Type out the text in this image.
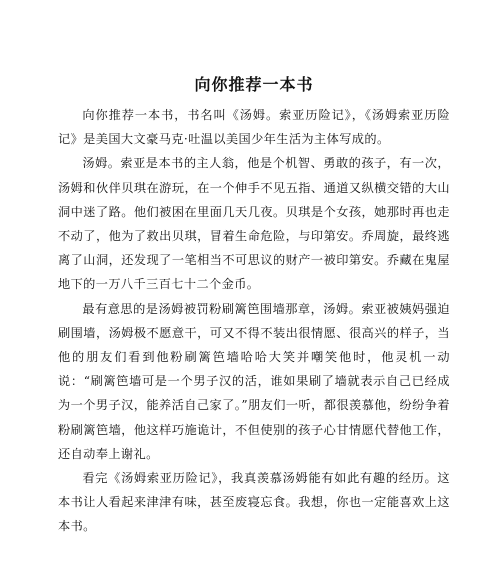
向你推荐一本书

向你推荐一本书，书名叫《汤姆。索亚历险记》，《汤姆索亚历险记》是美国大文豪马克·吐温以美国少年生活为主体写成的。

汤姆。索亚是本书的主人翁，他是个机智、勇敢的孩子，有一次，汤姆和伙伴贝琪在游玩，在一个伸手不见五指、通道又纵横交错的大山洞中迷了路。他们被困在里面几天几夜。贝琪是个女孩，她那时再也走不动了，他为了救出贝琪，冒着生命危险，与印第安。乔周旋，最终逃离了山洞，还发现了一笔相当不可思议的财产一被印第安。乔藏在鬼屋地下的一万八千三百七十二个金币。

最有意思的是汤姆被罚粉刷篱笆围墙那章，汤姆。索亚被姨妈强迫刷围墙，汤姆极不愿意干，可又不得不装出很情愿、很高兴的样子，当他的朋友们看到他粉刷篱笆墙哈哈大笑并嘲笑他时，他灵机一动说：“刷篱笆墙可是一个男子汉的活，谁如果刷了墙就表示自己已经成为一个男子汉，能养活自己家了。”朋友们一听，都很羡慕他，纷纷争着粉刷篱笆墙，他这样巧施诡计，不但使别的孩子心甘情愿代替他工作，还自动奉上谢礼。

看完《汤姆索亚历险记》，我真羡慕汤姆能有如此有趣的经历。这本书让人看起来津津有味，甚至废寝忘食。我想，你也一定能喜欢上这本书。
